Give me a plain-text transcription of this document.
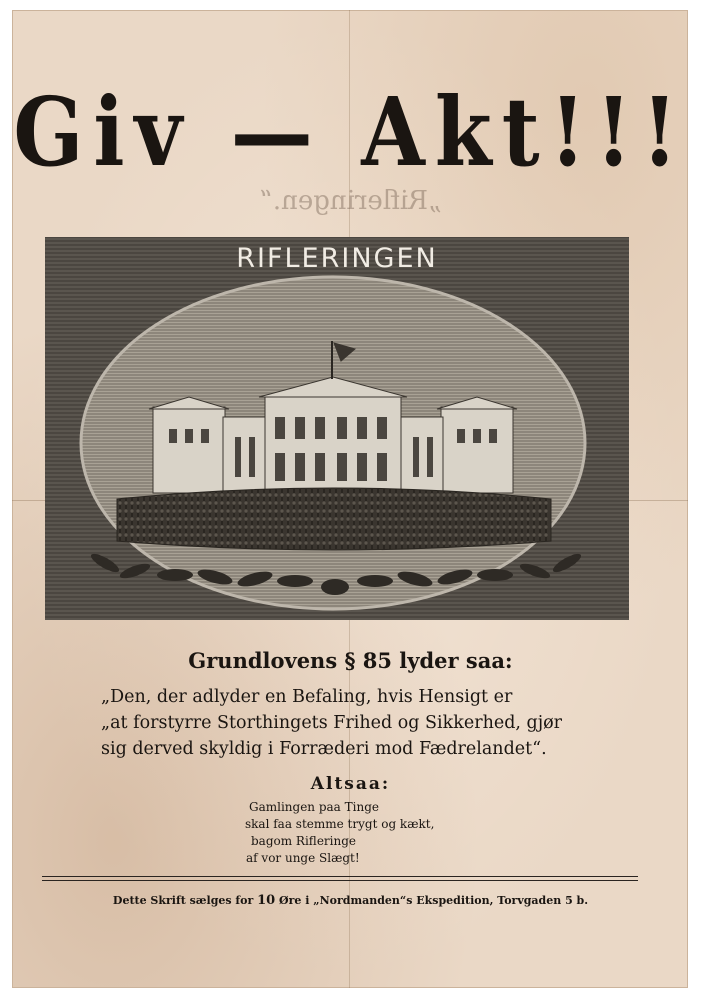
Giv — Akt!!!
„Rifleringen.“
RIFLERINGEN
Grundlovens § 85 lyder saa:
„Den, der adlyder en Befaling, hvis Hensigt er
„at forstyrre Storthingets Frihed og Sikkerhed, gjør
sig derved skyldig i Forræderi mod Fædrelandet“.
Altsaa:
Gamlingen paa Tinge
skal faa stemme trygt og kækt,
bagom Rifleringe
af vor unge Slægt!
Dette Skrift sælges for 10 Øre i „Nordmanden“s Ekspedition, Torvgaden 5 b.
